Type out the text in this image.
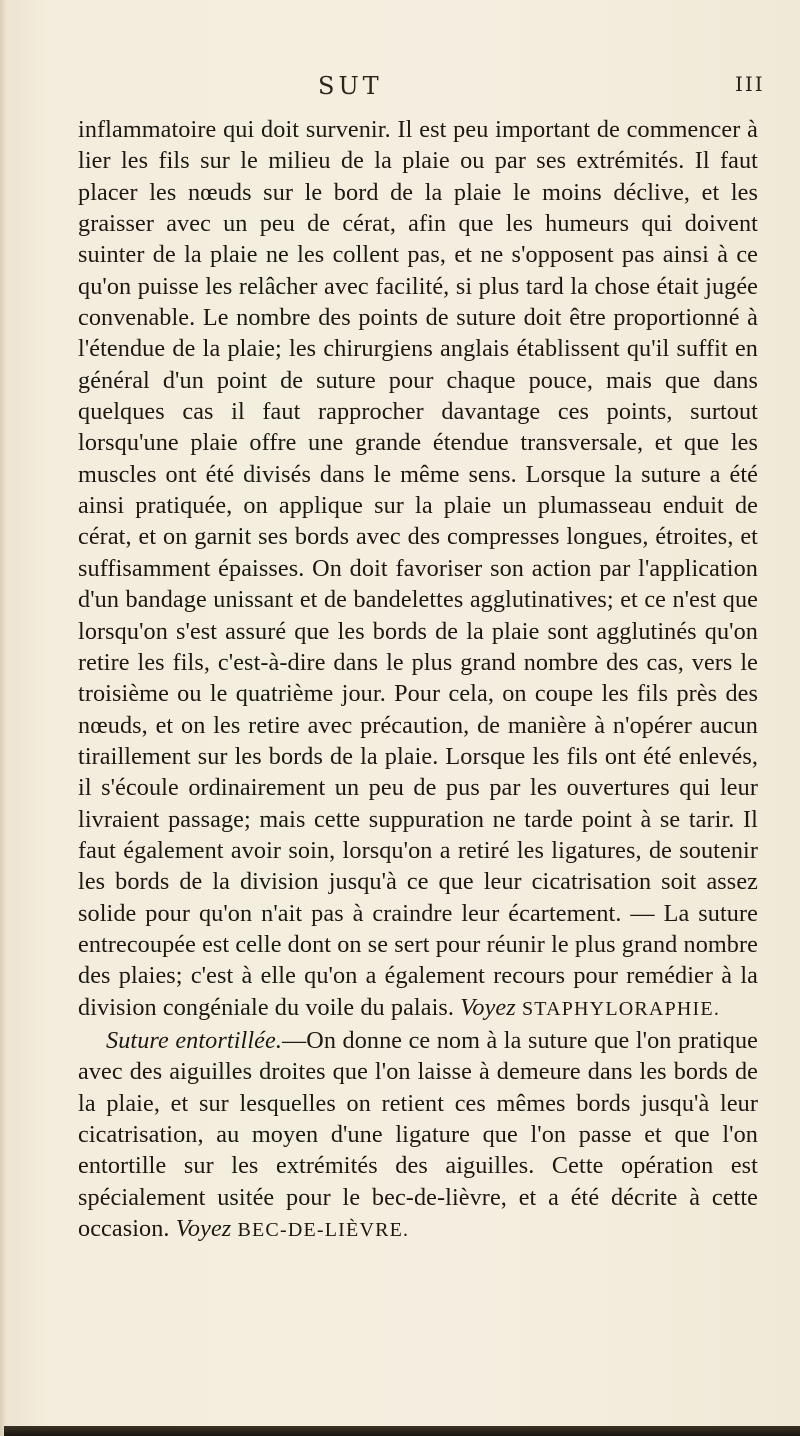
SUT	III

inflammatoire qui doit survenir. Il est peu important de commencer à lier les fils sur le milieu de la plaie ou par ses extrémités. Il faut placer les nœuds sur le bord de la plaie le moins déclive, et les graisser avec un peu de cérat, afin que les humeurs qui doivent suinter de la plaie ne les collent pas, et ne s'opposent pas ainsi à ce qu'on puisse les relâcher avec facilité, si plus tard la chose était jugée convenable. Le nombre des points de suture doit être proportionné à l'étendue de la plaie; les chirurgiens anglais établissent qu'il suffit en général d'un point de suture pour chaque pouce, mais que dans quelques cas il faut rapprocher davantage ces points, surtout lorsqu'une plaie offre une grande étendue transversale, et que les muscles ont été divisés dans le même sens. Lorsque la suture a été ainsi pratiquée, on applique sur la plaie un plumasseau enduit de cérat, et on garnit ses bords avec des compresses longues, étroites, et suffisamment épaisses. On doit favoriser son action par l'application d'un bandage unissant et de bandelettes agglutinatives; et ce n'est que lorsqu'on s'est assuré que les bords de la plaie sont agglutinés qu'on retire les fils, c'est-à-dire dans le plus grand nombre des cas, vers le troisième ou le quatrième jour. Pour cela, on coupe les fils près des nœuds, et on les retire avec précaution, de manière à n'opérer aucun tiraillement sur les bords de la plaie. Lorsque les fils ont été enlevés, il s'écoule ordinairement un peu de pus par les ouvertures qui leur livraient passage; mais cette suppuration ne tarde point à se tarir. Il faut également avoir soin, lorsqu'on a retiré les ligatures, de soutenir les bords de la division jusqu'à ce que leur cicatrisation soit assez solide pour qu'on n'ait pas à craindre leur écartement. — La suture entrecoupée est celle dont on se sert pour réunir le plus grand nombre des plaies; c'est à elle qu'on a également recours pour remédier à la division congéniale du voile du palais. Voyez STAPHYLORAPHIE.

Suture entortillée.—On donne ce nom à la suture que l'on pratique avec des aiguilles droites que l'on laisse à demeure dans les bords de la plaie, et sur lesquelles on retient ces mêmes bords jusqu'à leur cicatrisation, au moyen d'une ligature que l'on passe et que l'on entortille sur les extrémités des aiguilles. Cette opération est spécialement usitée pour le bec-de-lièvre, et a été décrite à cette occasion. Voyez BEC-DE-LIÈVRE.
